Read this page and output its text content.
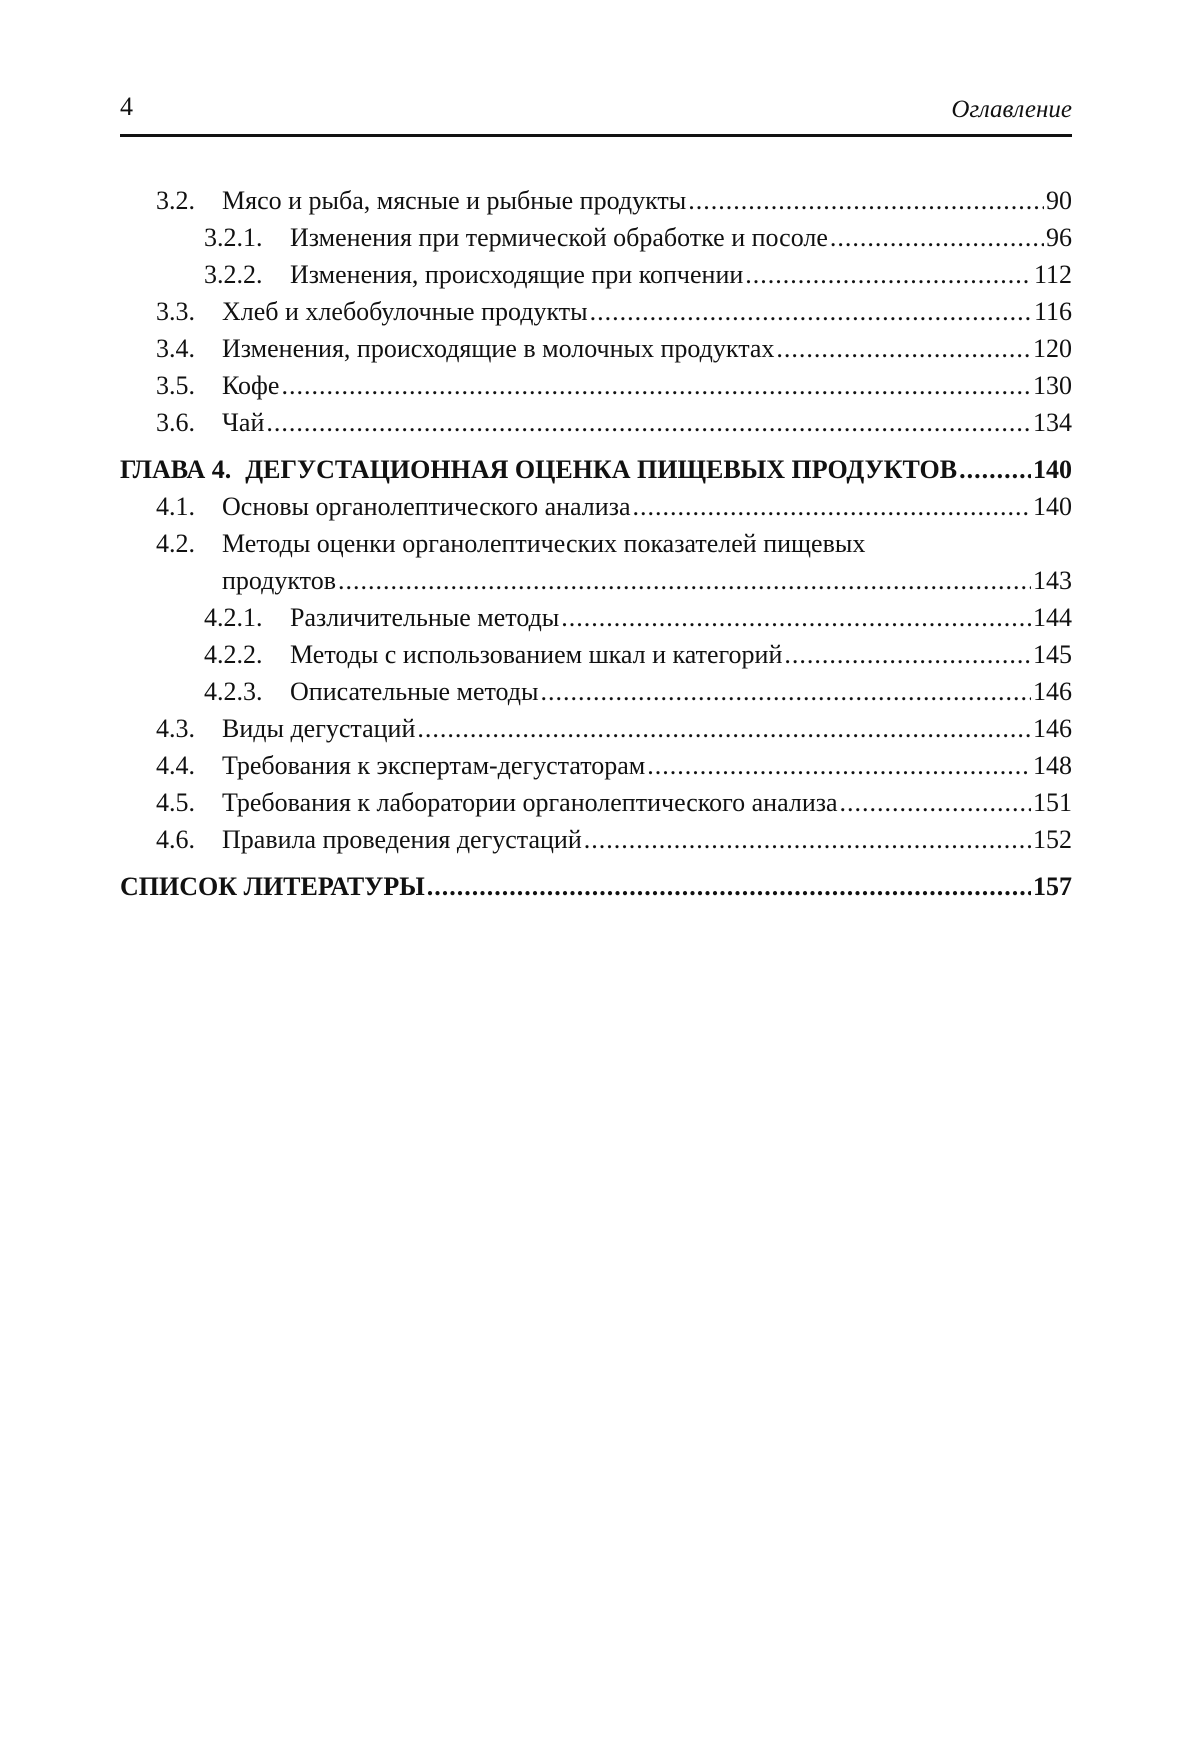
4	Оглавление
3.2.	Мясо и рыба, мясные и рыбные продукты .....	90
3.2.1.	Изменения при термической обработке и посоле .....	96
3.2.2.	Изменения, происходящие при копчении .....	112
3.3.	Хлеб и хлебобулочные продукты .....	116
3.4.	Изменения, происходящие в молочных продуктах .....	120
3.5.	Кофе .....	130
3.6.	Чай .....	134
ГЛАВА 4. ДЕГУСТАЦИОННАЯ ОЦЕНКА ПИЩЕВЫХ ПРОДУКТОВ .....	140
4.1.	Основы органолептического анализа .....	140
4.2. Методы оценки органолептических показателей пищевых
продуктов .....	143
4.2.1.	Различительные методы .....	144
4.2.2.	Методы с использованием шкал и категорий .....	145
4.2.3.	Описательные методы .....	146
4.3.	Виды дегустаций .....	146
4.4.	Требования к экспертам-дегустаторам .....	148
4.5.	Требования к лаборатории органолептического анализа .....	151
4.6.	Правила проведения дегустаций .....	152
СПИСОК ЛИТЕРАТУРЫ .....	157
